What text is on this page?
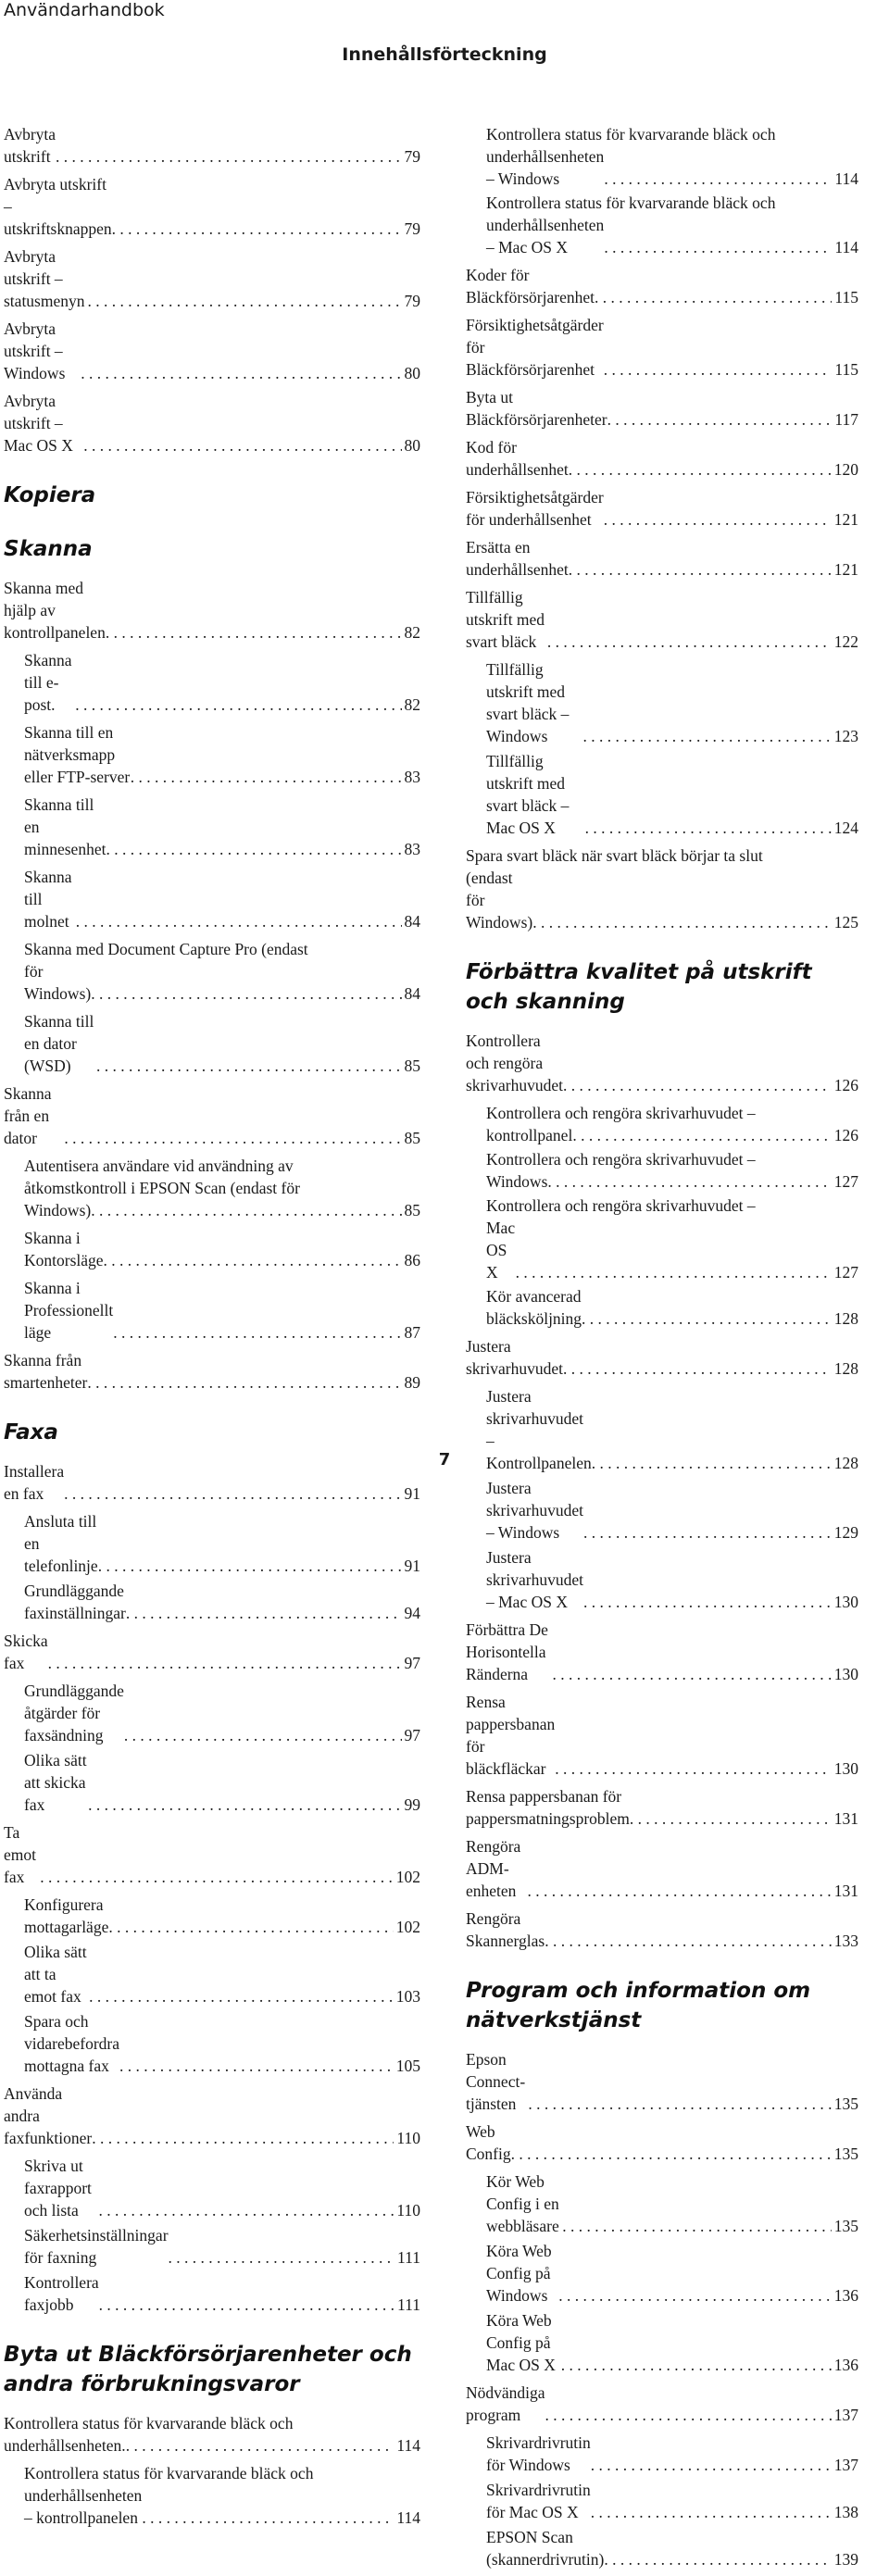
Användarhandbok
Innehållsförteckning
Avbryta utskrift . . .	79
Avbryta utskrift – utskriftsknappen . . .	79
Avbryta utskrift – statusmenyn . . .	79
Avbryta utskrift – Windows . . .	80
Avbryta utskrift – Mac OS X . . .	80
Kopiera
Skanna
Skanna med hjälp av kontrollpanelen . . .	82
Skanna till e-post. . . .	82
Skanna till en nätverksmapp eller FTP-server . . .	83
Skanna till en minnesenhet . . .	83
Skanna till molnet . . .	84
Skanna med Document Capture Pro (endast
för Windows) . . .	84
Skanna till en dator (WSD) . . .	85
Skanna från en dator . . .	85
Autentisera användare vid användning av
åtkomstkontroll i EPSON Scan (endast för
Windows) . . .	85
Skanna i Kontorsläge . . .	86
Skanna i Professionellt läge . . .	87
Skanna från smartenheter . . .	89
Faxa
Installera en fax . . .	91
Ansluta till en telefonlinje . . .	91
Grundläggande faxinställningar . . .	94
Skicka fax . . .	97
Grundläggande åtgärder för faxsändning . . .	97
Olika sätt att skicka fax . . .	99
Ta emot fax . . .	102
Konfigurera mottagarläge . . .	102
Olika sätt att ta emot fax . . .	103
Spara och vidarebefordra mottagna fax . . .	105
Använda andra faxfunktioner . . .	110
Skriva ut faxrapport och lista . . .	110
Säkerhetsinställningar för faxning . . .	111
Kontrollera faxjobb . . .	111
Byta ut Bläckförsörjarenheter och andra förbrukningsvaror
Kontrollera status för kvarvarande bläck och
underhållsenheten. . . .	114
Kontrollera status för kvarvarande bläck och
underhållsenheten – kontrollpanelen . . .	114
Kontrollera status för kvarvarande bläck och
underhållsenheten – Windows . . .	114
Kontrollera status för kvarvarande bläck och
underhållsenheten – Mac OS X . . .	114
Koder för Bläckförsörjarenhet . . .	115
Försiktighetsåtgärder för Bläckförsörjarenhet . . .	115
Byta ut Bläckförsörjarenheter . . .	117
Kod för underhållsenhet . . .	120
Försiktighetsåtgärder för underhållsenhet . . .	121
Ersätta en underhållsenhet . . .	121
Tillfällig utskrift med svart bläck . . .	122
Tillfällig utskrift med svart bläck – Windows . . .	123
Tillfällig utskrift med svart bläck – Mac OS X . . .	124
Spara svart bläck när svart bläck börjar ta slut
(endast för Windows) . . .	125
Förbättra kvalitet på utskrift och skanning
Kontrollera och rengöra skrivarhuvudet . . .	126
Kontrollera och rengöra skrivarhuvudet –
kontrollpanel . . .	126
Kontrollera och rengöra skrivarhuvudet –
Windows . . .	127
Kontrollera och rengöra skrivarhuvudet –
Mac OS X . . .	127
Kör avancerad bläcksköljning . . .	128
Justera skrivarhuvudet . . .	128
Justera skrivarhuvudet – Kontrollpanelen . . .	128
Justera skrivarhuvudet – Windows . . .	129
Justera skrivarhuvudet – Mac OS X . . .	130
Förbättra De Horisontella Ränderna . . .	130
Rensa pappersbanan för bläckfläckar . . .	130
Rensa pappersbanan för pappersmatningsproblem . . .	131
Rengöra ADM-enheten . . .	131
Rengöra Skannerglas . . .	133
Program och information om nätverkstjänst
Epson Connect-tjänsten . . .	135
Web Config . . .	135
Kör Web Config i en webbläsare . . .	135
Köra Web Config på Windows . . .	136
Köra Web Config på Mac OS X . . .	136
Nödvändiga program . . .	137
Skrivardrivrutin för Windows . . .	137
Skrivardrivrutin för Mac OS X . . .	138
EPSON Scan (skannerdrivrutin) . . .	139
7
